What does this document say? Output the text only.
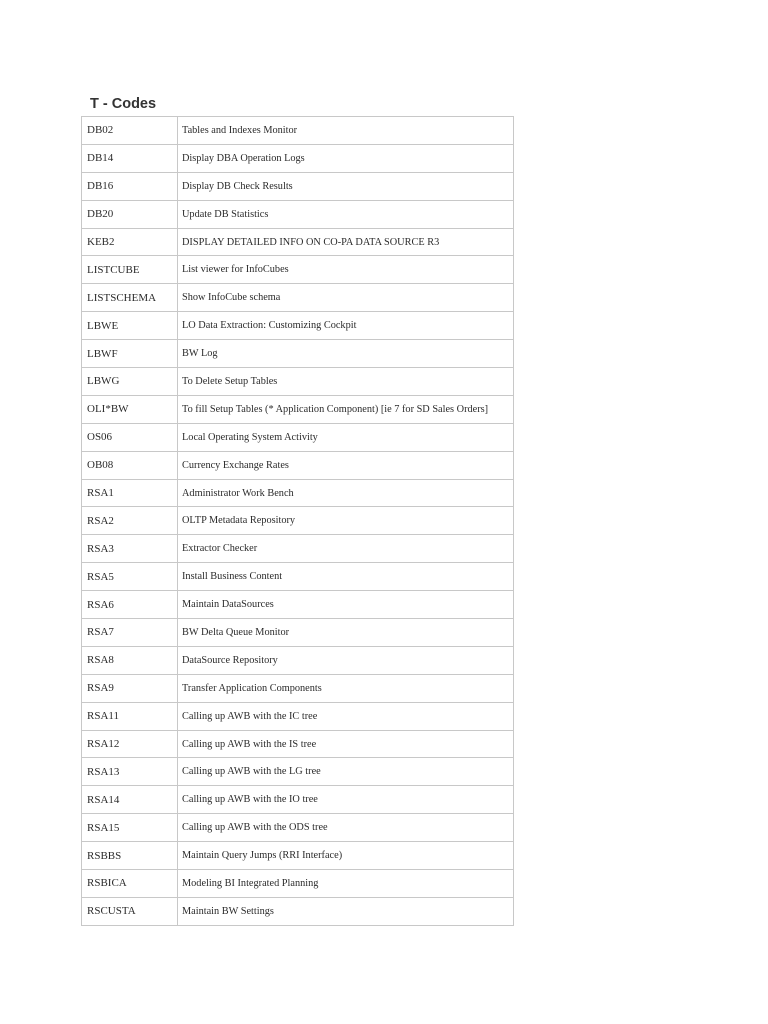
T - Codes
DB02	Tables and Indexes Monitor
DB14	Display DBA Operation Logs
DB16	Display DB Check Results
DB20	Update DB Statistics
KEB2	DISPLAY DETAILED INFO ON CO-PA DATA SOURCE R3
LISTCUBE	List viewer for InfoCubes
LISTSCHEMA	Show InfoCube schema
LBWE	LO Data Extraction: Customizing Cockpit
LBWF	BW Log
LBWG	To Delete Setup Tables
OLI*BW	To fill Setup Tables (* Application Component) [ie 7 for SD Sales Orders]
OS06	Local Operating System Activity
OB08	Currency Exchange Rates
RSA1	Administrator Work Bench
RSA2	OLTP Metadata Repository
RSA3	Extractor Checker
RSA5	Install Business Content
RSA6	Maintain DataSources
RSA7	BW Delta Queue Monitor
RSA8	DataSource Repository
RSA9	Transfer Application Components
RSA11	Calling up AWB with the IC tree
RSA12	Calling up AWB with the IS tree
RSA13	Calling up AWB with the LG tree
RSA14	Calling up AWB with the IO tree
RSA15	Calling up AWB with the ODS tree
RSBBS	Maintain Query Jumps (RRI Interface)
RSBICA	Modeling BI Integrated Planning
RSCUSTA	Maintain BW Settings
